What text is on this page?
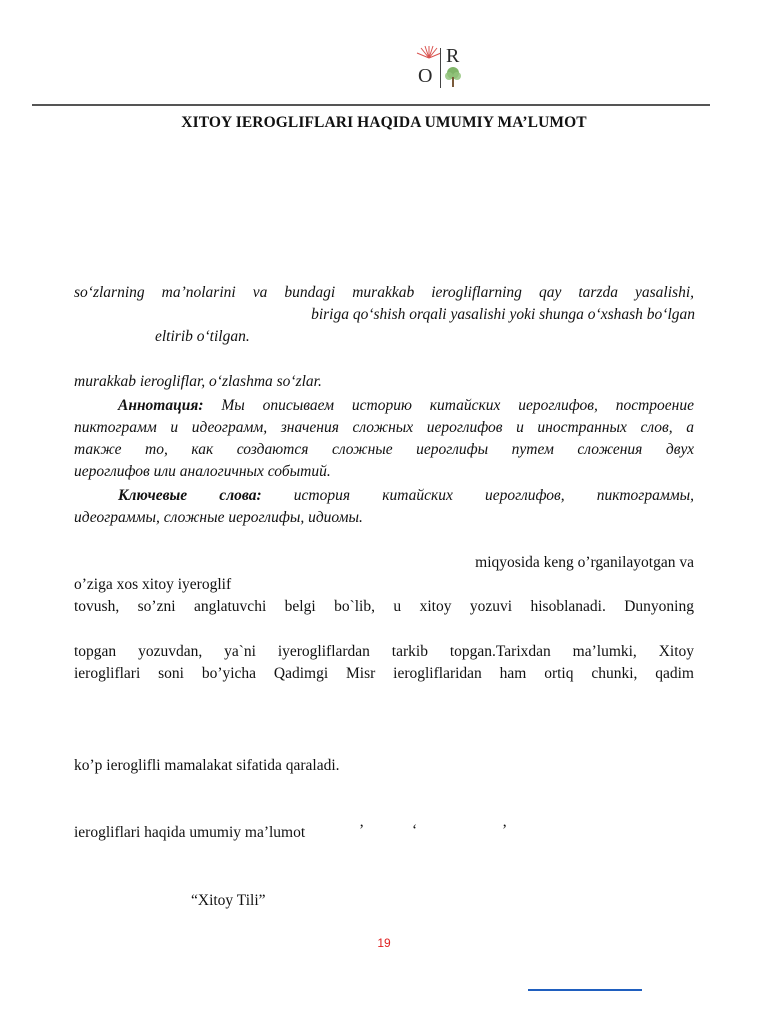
R
O
XITOY IEROGLIFLARI HAQIDA UMUMIY MA’LUMOT
so‘zlarning ma’nolarini va bundagi murakkab ierogliflarning qay tarzda yasalishi,
biriga qo‘shish orqali yasalishi yoki shunga o‘xshash bo‘lgan
eltirib o‘tilgan.
murakkab ierogliflar, o‘zlashma so‘zlar.
Аннотация: Мы описываем историю китайских иероглифов, построение
пиктограмм и идеограмм, значения сложных иероглифов и иностранных слов, а
также то, как создаются сложные иероглифы путем сложения двух
иероглифов или аналогичных событий.
Ключевые слова: история китайских иероглифов, пиктограммы,
идеограммы, сложные иероглифы, идиомы.
miqyosida keng o’rganilayotgan va
o’ziga xos xitoy iyeroglif
tovush, so’zni anglatuvchi belgi bo`lib, u xitoy yozuvi hisoblanadi. Dunyoning
topgan yozuvdan, ya`ni iyerogliflardan tarkib topgan.Tarixdan ma’lumki, Xitoy
ierogliflari soni bo’yicha Qadimgi Misr ierogliflaridan ham ortiq chunki, qadim
ko’p ieroglifli mamalakat sifatida qaraladi.
ierogliflari haqida umumiy ma’lumot	’	‘	’
“Xitoy Tili”
19
